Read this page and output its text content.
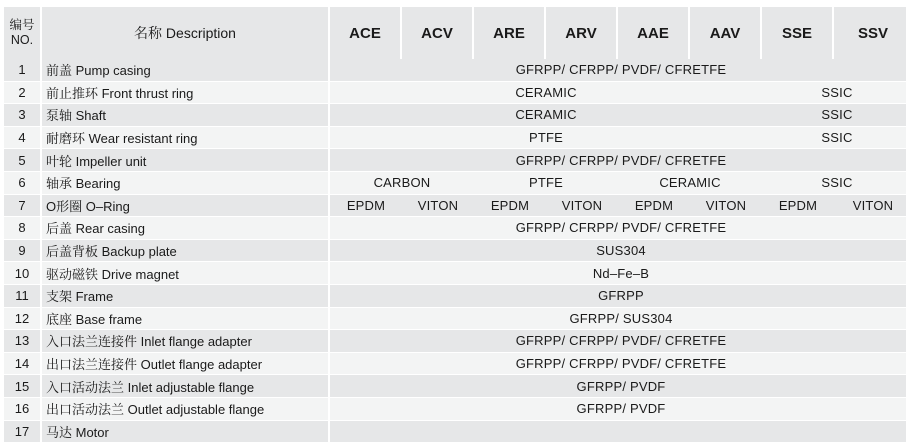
编号
NO.	名称 Description	ACE	ACV	ARE	ARV	AAE	AAV	SSE	SSV
1	前盖 Pump casing	GFRPP/ CFRPP/ PVDF/ CFRETFE							
2	前止推环 Front thrust ring	CERAMIC						SSIC	
3	泵轴 Shaft	CERAMIC						SSIC	
4	耐磨环 Wear resistant ring	PTFE						SSIC	
5	叶轮 Impeller unit	GFRPP/ CFRPP/ PVDF/ CFRETFE							
6	轴承 Bearing	CARBON		PTFE		CERAMIC		SSIC	
7	O形圈 O–Ring	EPDM	VITON	EPDM	VITON	EPDM	VITON	EPDM	VITON
8	后盖 Rear casing	GFRPP/ CFRPP/ PVDF/ CFRETFE							
9	后盖背板 Backup plate	SUS304							
10	驱动磁铁 Drive magnet	Nd–Fe–B							
11	支架 Frame	GFRPP							
12	底座 Base frame	GFRPP/ SUS304							
13	入口法兰连接件 Inlet flange adapter	GFRPP/ CFRPP/ PVDF/ CFRETFE							
14	出口法兰连接件 Outlet flange adapter	GFRPP/ CFRPP/ PVDF/ CFRETFE							
15	入口活动法兰 Inlet adjustable flange	GFRPP/ PVDF							
16	出口活动法兰 Outlet adjustable flange	GFRPP/ PVDF							
17	马达 Motor								
